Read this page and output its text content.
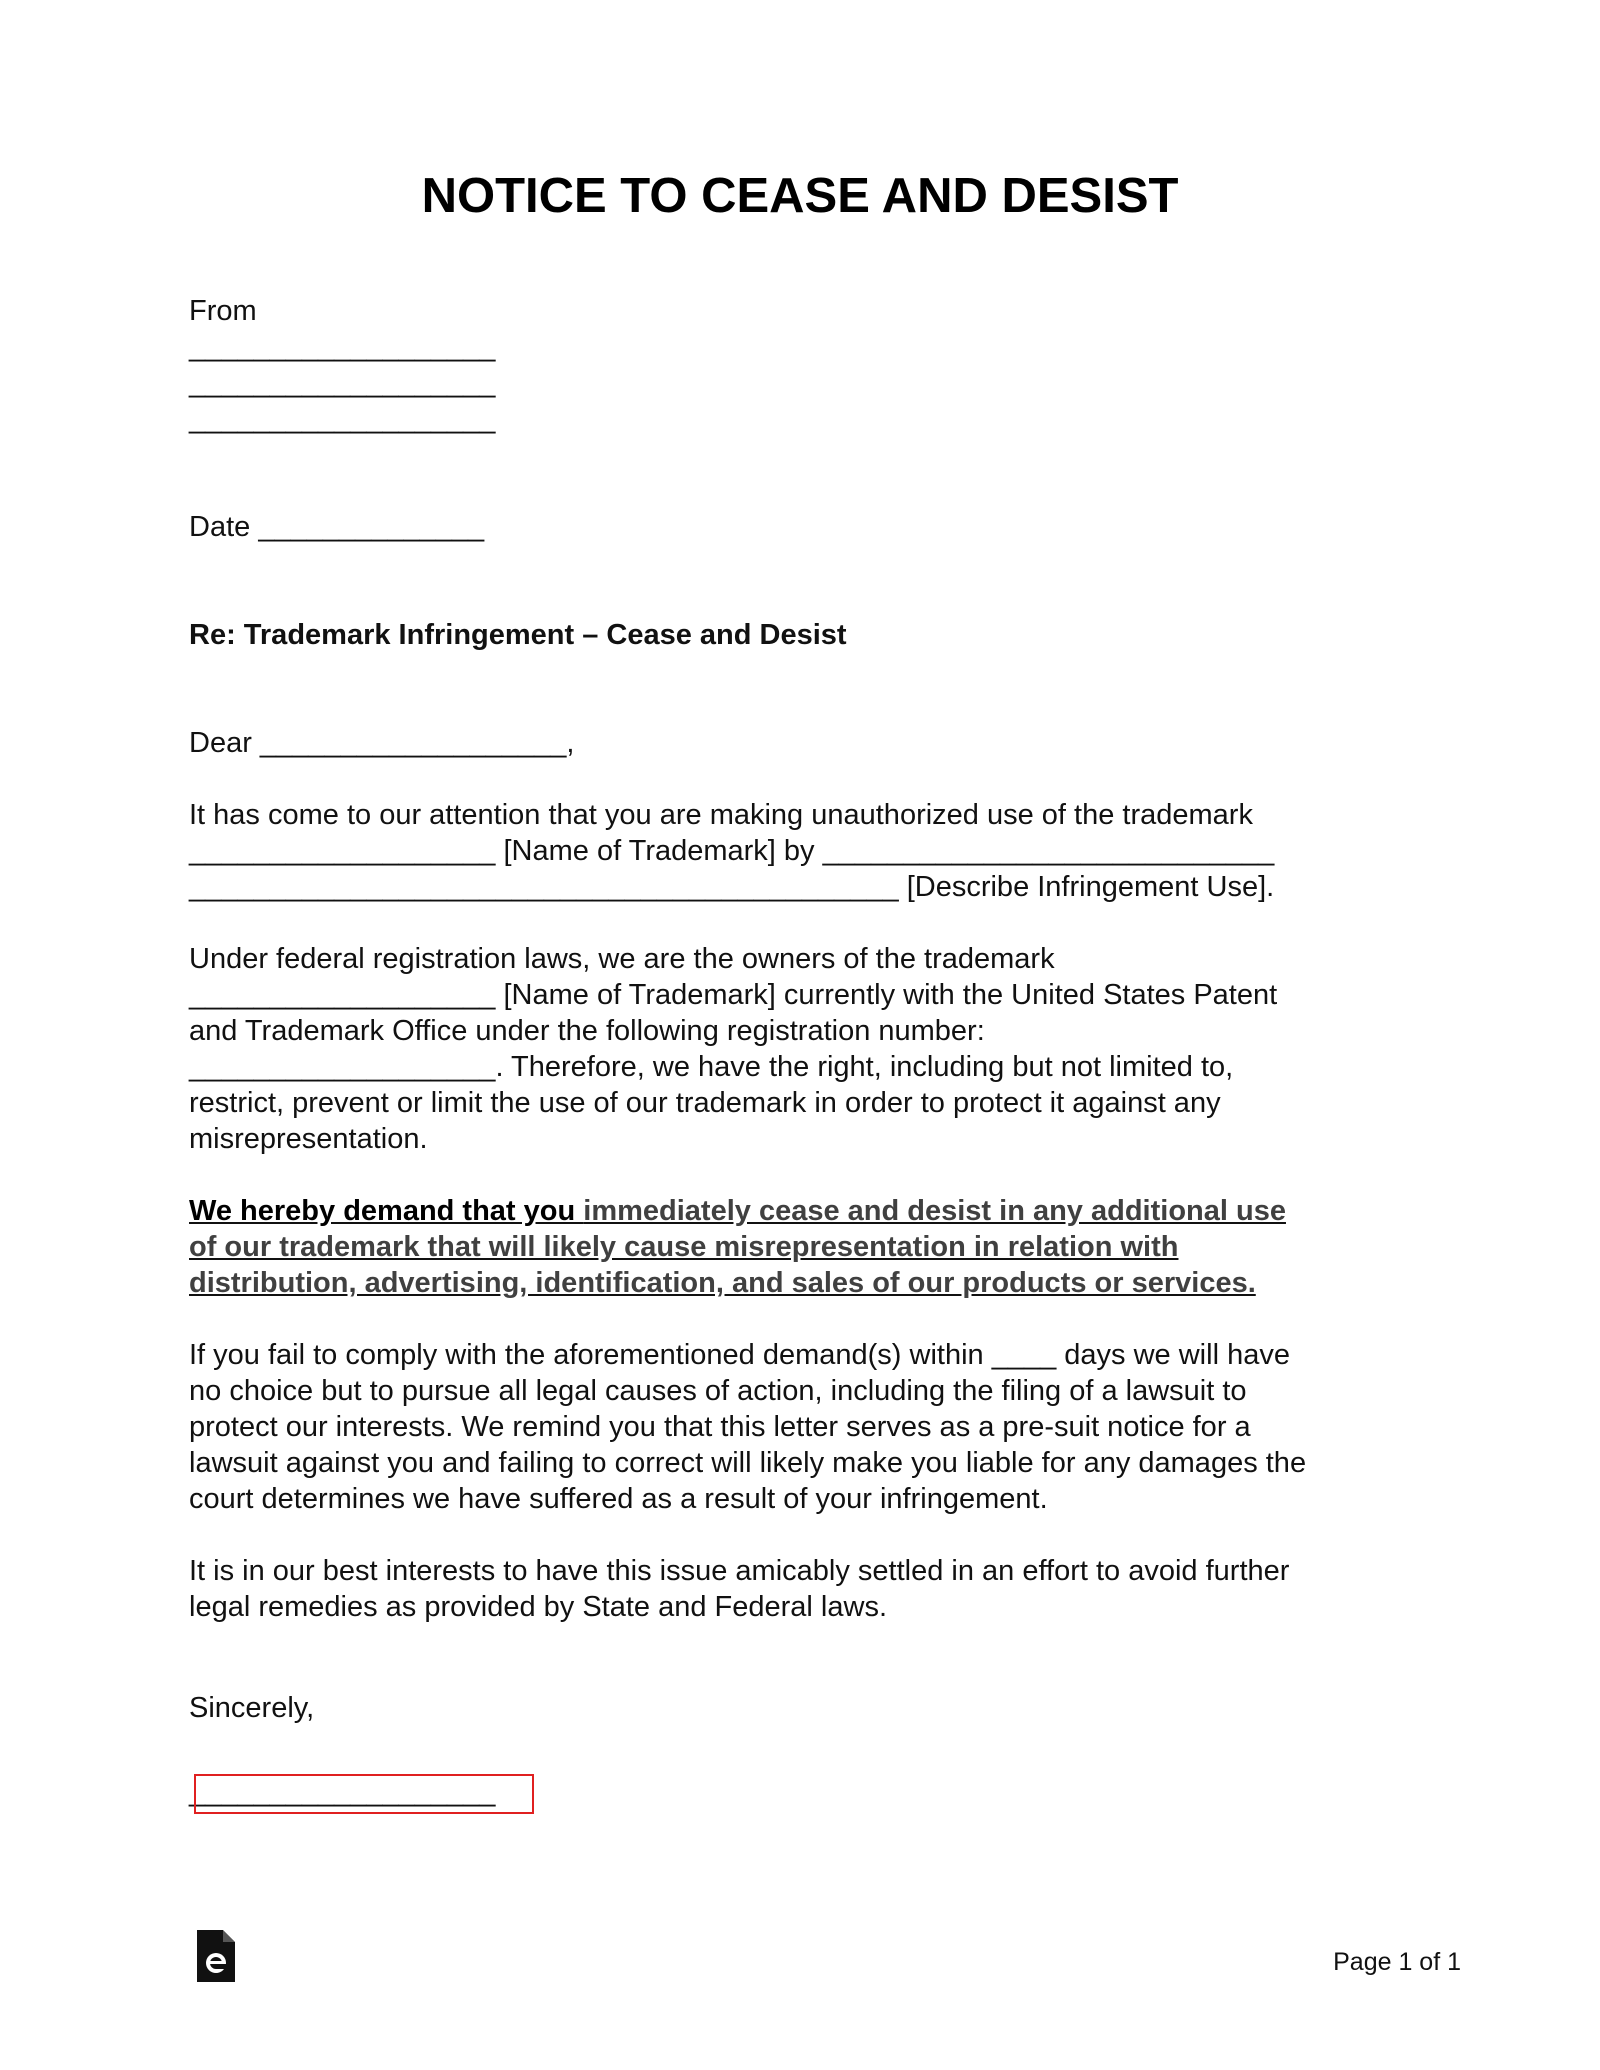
NOTICE TO CEASE AND DESIST
From
___________________
___________________
___________________
Date ______________
Re: Trademark Infringement – Cease and Desist
Dear ___________________,
It has come to our attention that you are making unauthorized use of the trademark
___________________ [Name of Trademark] by ____________________________
____________________________________________ [Describe Infringement Use].
Under federal registration laws, we are the owners of the trademark
___________________ [Name of Trademark] currently with the United States Patent
and Trademark Office under the following registration number:
___________________. Therefore, we have the right, including but not limited to,
restrict, prevent or limit the use of our trademark in order to protect it against any
misrepresentation.
We hereby demand that you immediately cease and desist in any additional use
of our trademark that will likely cause misrepresentation in relation with
distribution, advertising, identification, and sales of our products or services.
If you fail to comply with the aforementioned demand(s) within ____ days we will have
no choice but to pursue all legal causes of action, including the filing of a lawsuit to
protect our interests. We remind you that this letter serves as a pre-suit notice for a
lawsuit against you and failing to correct will likely make you liable for any damages the
court determines we have suffered as a result of your infringement.
It is in our best interests to have this issue amicably settled in an effort to avoid further
legal remedies as provided by State and Federal laws.
Sincerely,
___________________
Page 1 of 1
